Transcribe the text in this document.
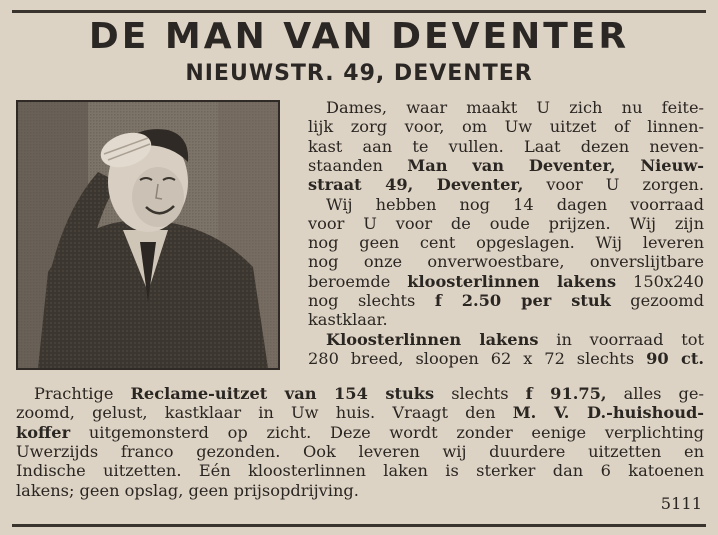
DE MAN VAN DEVENTER
NIEUWSTR. 49, DEVENTER
Dames, waar maakt U zich nu feite-
lijk zorg voor, om Uw uitzet of linnen-
kast aan te vullen. Laat dezen neven-
staanden Man van Deventer, Nieuw-
straat 49, Deventer, voor U zorgen.
Wij hebben nog 14 dagen voorraad
voor U voor de oude prijzen. Wij zijn
nog geen cent opgeslagen. Wij leveren
nog onze onverwoestbare, onverslijtbare
beroemde kloosterlinnen lakens 150x240
nog slechts f 2.50 per stuk gezoomd
kastklaar.
Kloosterlinnen lakens in voorraad tot
280 breed, sloopen 62 x 72 slechts 90 ct.
Prachtige Reclame-uitzet van 154 stuks slechts f 91.75, alles ge-
zoomd, gelust, kastklaar in Uw huis. Vraagt den M. V. D.-huishoud-
koffer uitgemonsterd op zicht. Deze wordt zonder eenige verplichting
Uwerzijds franco gezonden. Ook leveren wij duurdere uitzetten en
Indische uitzetten. Eén kloosterlinnen laken is sterker dan 6 katoenen
lakens; geen opslag, geen prijsopdrijving.
5111
